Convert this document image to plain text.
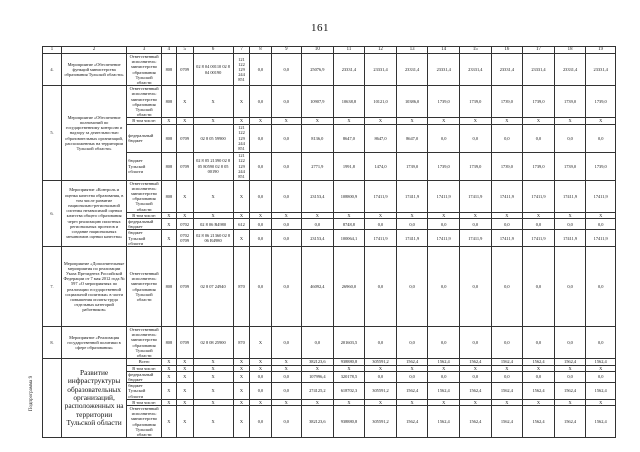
161
Подпрограмма 9
1	2	3	4	5	6	7	8	9	10	11	12	13	14	15	16	17	18	19
4.	Мероприятие «Обеспечение функций министерства образования Тульской области»	Ответственный исполнитель: министерство образования Тульской области	808	0709	02 8 04 00110 02 8 04 00190	121 122 129 244 851	0,0	0,0	25076,9	23331,4	23331,4	23331,4	23331,4	23331,4	23331,4	23331,4	23331,4	23331,4
5.	Мероприятие «Обеспечение полномочий по государственному контролю и надзору за деятельностью образовательных организаций, расположенных на территории Тульской области»	Ответственный исполнитель: министерство образования Тульской области	808	X	X	X	0,0	0,0	10907,9	10638,8	10121,0	10386,0	1739,0	1739,0	1739,0	1739,0	1739,0	1739,0
		В том числе:	X	X	X	X	X	X	X	X	X	X	X	X	X	X	X	X
		федеральный бюджет	808	0709	02 8 05 59900	121 122 129 244 851	0,0	0,0	8136,0	8647,0	8647,0	8647,0	0,0	0,0	0,0	0,0	0,0	0,0
		бюджет Тульской области	808	0709	02 8 05 21390 02 8 05 80590 02 8 05 00190	121 122 129 244 851	0,0	0,0	2771,9	1991,8	1474,0	1739,0	1739,0	1739,0	1739,0	1739,0	1739,0	1739,0
6.	Мероприятие «Контроль и оценка качества образования, в том числе развитие национально-региональной системы независимой оценки качества общего образования через реализацию пилотных региональных проектов и создание национальных механизмов оценки качества»	Ответственный исполнитель: министерство образования Тульской области	808	X	X	X	0,0	0,0	23153,4	108800,9	17411,9	17411,9	17411,9	17411,9	17411,9	17411,9	17411,9	17411,9
		В том числе:	X	X	X	X	X	X	X	X	X	X	X	X	X	X	X	X
		федеральный бюджет	X	0702	02 8 06 R4980	612	0,0	0,0	0,0	8748,8	0,0	0,0	0,0	0,0	0,0	0,0	0,0	0,0
		бюджет Тульской области	X	0702 0709	02 8 06 21360 02 8 06 R4980	X	0,0	0,0	23153,4	100064,1	17411,9	17411,9	17411,9	17411,9	17411,9	17411,9	17411,9	17411,9
7.	Мероприятие «Дополнительные мероприятия по реализации Указа Президента Российской Федерации от 7 мая 2012 года № 597 «О мероприятиях по реализации государственной социальной политики» в части повышения оплаты труда отдельных категорий работников»	Ответственный исполнитель: министерство образования Тульской области	808	0709	02 8 07 24940	870	0,0	0,0	46092,4	26960,0	0,0	0,0	0,0	0,0	0,0	0,0	0,0	0,0
8.	Мероприятие «Реализация государственной политики в сфере образования»	Ответственный исполнитель: министерство образования Тульской области	808	0709	02 8 08 25900	870	X	0,0	0,0	201603,5	0,0	0,0	0,0	0,0	0,0	0,0	0,0	0,0
	Развитие инфраструктуры образовательных организаций, расположенных на территории Тульской области	Всего	X	X	X	X	X	X	382123,6	938880,8	305591,2	1562,4	1562,4	1562,4	1562,4	1562,4	1562,4	1562,4
		В том числе:	X	X	X	X	X	X	X	X	X	X	X	X	X	X	X	X
		федеральный бюджет	X	X	X	X	0,0	0,0	107996,4	320178,5	0,0	0,0	0,0	0,0	0,0	0,0	0,0	0,0
		бюджет Тульской области	X	X	X	X	0,0	0,0	274125,2	618702,3	305591,2	1562,4	1562,4	1562,4	1562,4	1562,4	1562,4	1562,4
		В том числе:	X	X	X	X	X	X	X	X	X	X	X	X	X	X	X	X
		Ответственный исполнитель: министерство образования Тульской области	X	X	X	X	0,0	0,0	382123,6	938880,8	305591,2	1562,4	1562,4	1562,4	1562,4	1562,4	1562,4	1562,4
